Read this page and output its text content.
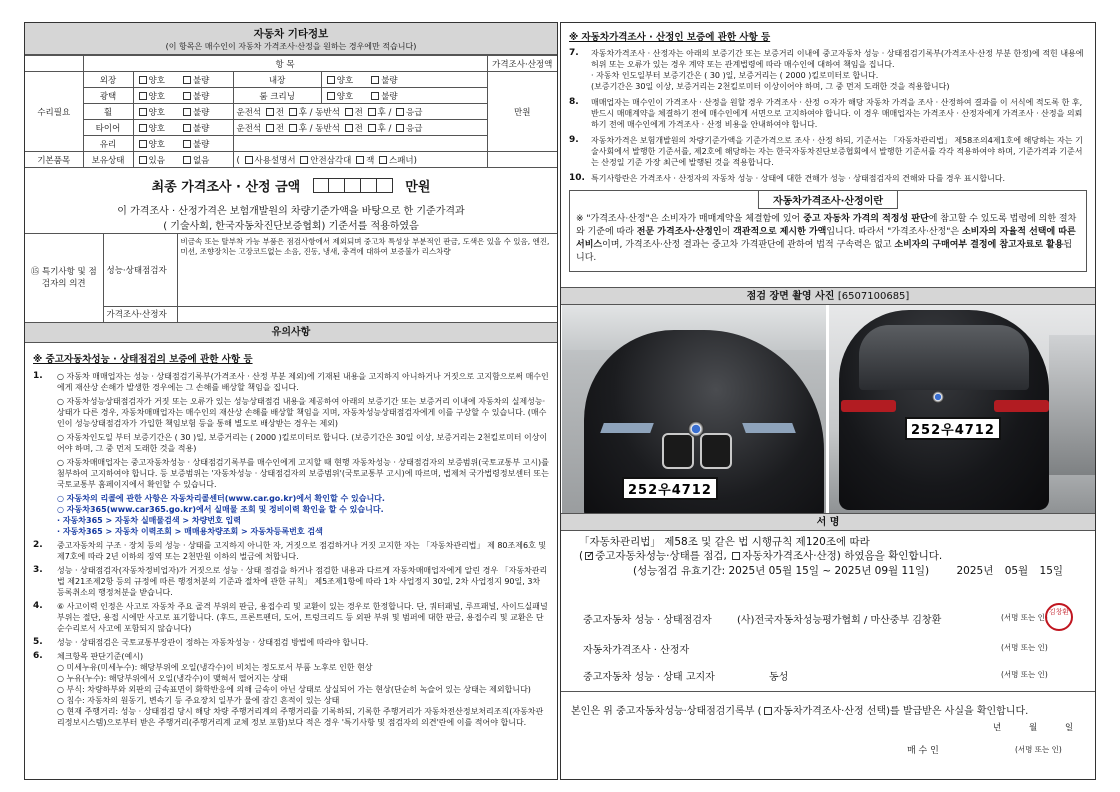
자동차 기타정보
(이 항목은 매수인이 자동차 가격조사·산정을 원하는 경우에만 적습니다)
	항 목				가격조사·산정액
수리필요	외장	양호 불량	내장	양호 불량	만원
	광택	양호 불량	룸 크리닝	양호 불량	
	휠	양호 불량	운전석 전 후 / 동반석 전 후 / 응급		
	타이어	양호 불량	운전석 전 후 / 동반석 전 후 / 응급		
	유리	양호 불량			
기본품목	보유상태	있음 없음	( 사용설명서 안전삼각대 잭 스패너)		
최종 가격조사 · 산정 금액	만원
이 가격조사 · 산정가격은 보험개발원의 차량기준가액을 바탕으로 한 기준가격과
( 기술사회, 한국자동차진단보증협회) 기준서를 적용하였음
⑮ 특기사항 및 점검자의 의견	성능·상태점검자	비금속 또는 탈부착 가능 부품은 점검사항에서 제외되며 중고차 특성상 부분적인 판금, 도색은 있을 수 있음, 엔진,미션, 조향장치는 고장코드없는 소음, 진동, 냉새, 충격에 대하여 보증불가 리스차량
	가격조사·산정자	
유의사항
※ 중고자동차성능 · 상태점검의 보증에 관한 사항 등
1.	○ 자동차 매매업자는 성능 · 상태점검기록부(가격조사 · 산정 부분 제외)에 기재된 내용을 고지하지 아니하거나 거짓으로 고지함으로써 매수인에게 재산상 손해가 발생한 경우에는 그 손해를 배상할 책임을 집니다.
○ 자동차성능상태점검자가 거짓 또는 오류가 있는 성능상태점검 내용을 제공하여 아래의 보증기간 또는 보증거리 이내에 자동차의 실제성능·상태가 다른 경우, 자동차매매업자는 매수인의 재산상 손해를 배상할 책임을 지며, 자동차성능상태점검자에게 이를 구상할 수 있습니다. (매수인이 성능상태점검자가 가입한 책임보험 등을 통해 별도로 배상받는 경우는 제외)
○ 자동차인도일 부터 보증기간은 ( 30 )일, 보증거리는 ( 2000 )킬로미터로 합니다. (보증기간은 30일 이상, 보증거리는 2천킬로미터 이상이어야 하며, 그 중 먼저 도래한 것을 적용)
○ 자동차매매업자는 중고자동차성능 · 상태점검기록부를 매수인에게 고지할 때 현행 자동차성능 · 상태점검자의 보증범위(국토교통부 고시)를 첨부하여 고지하여야 합니다. 등 보증범위는 '자동차성능 · 상태점검자의 보증범위'(국토교통부 고시)에 따르며, 법제처 국가법령정보센터 또는 국토교통부 홈페이지에서 확인할 수 있습니다.
○ 자동차의 리콜에 관한 사항은 자동차리콜센터(www.car.go.kr)에서 확인할 수 있습니다.
○ 자동차365(www.car365.go.kr)에서 실매물 조회 및 정비이력 확인을 할 수 있습니다.
· 자동차365 > 자동차 실매물검색 > 차량번호 입력
· 자동차365 > 자동차 이력조회 > 매매용차량조회 > 자동차등록번호 검색
2.	중고자동차의 구조 · 장치 등의 성능 · 상태를 고지하지 아니한 자, 거짓으로 점검하거나 거짓 고지한 자는 「자동차관리법」 제 80조제6호 및 제7호에 따라 2년 이하의 징역 또는 2천만원 이하의 벌금에 처합니다.
3.	성능 · 상태점검자(자동차정비업자)가 거짓으로 성능 · 상태 점검을 하거나 점검한 내용과 다르게 자동차매매업자에게 알린 경우 「자동차관리법 제21조제2항 등의 규정에 따른 행정처분의 기준과 절차에 관한 규칙」 제5조제1항에 따라 1차 사업정지 30일, 2차 사업정지 90일, 3차 등록취소의 행정처분을 받습니다.
4.	⑥ 사고이력 인정은 사고로 자동차 주요 골격 부위의 판금, 용접수리 및 교환이 있는 경우로 한정합니다. 단, 쿼터패널, 루프패널, 사이드실패널 부위는 절단, 용접 시에만 사고로 표기합니다. (후드, 프론트펜더, 도어, 트렁크리드 등 외판 부위 및 범퍼에 대한 판금, 용접수리 및 교환은 단순수리로서 사고에 포함되지 않습니다)
5.	성능 · 상태점검은 국토교통부장관이 정하는 자동차성능 · 상태점검 방법에 따라야 합니다.
6.	체크항목 판단기준(예시)
○ 미세누유(미세누수): 해당부위에 오일(냉각수)이 비치는 정도로서 부품 노후로 인한 현상
○ 누유(누수): 해당부위에서 오일(냉각수)이 맺혀서 떨어지는 상태
○ 부식: 차량하부와 외판의 금속표면이 화학반응에 의해 금속이 아닌 상태로 상실되어 가는 현상(단순히 녹슬어 있는 상태는 제외합니다)
○ 침수: 자동차의 원동기, 변속기 등 주요장치 일부가 물에 잠긴 흔적이 있는 상태
○ 현재 주행거리: 성능 · 상태점검 당시 해당 차량 주행거리계의 주행거리를 기록하되, 기록한 주행거리가 자동차전산정보처리조직(자동차관리정보시스템)으로부터 받은 주행거리(주행거리계 교체 정보 포함)보다 적은 경우 '특기사항 및 점검자의 의견'란에 이를 적어야 합니다.
※ 자동차가격조사 · 산정인 보증에 관한 사항 등
7.	자동차가격조사 · 산정자는 아래의 보증기간 또는 보증거리 이내에 중고자동차 성능 · 상태점검기록부(가격조사·산정 부분 한정)에 적힌 내용에 허위 또는 오류가 있는 경우 계약 또는 관계법령에 따라 매수인에 대하여 책임을 집니다.
· 자동차 인도일부터 보증기간은 ( 30 )일, 보증거리는 ( 2000 )킬로미터로 합니다.
(보증기간은 30일 이상, 보증거리는 2천킬로미터 이상이어야 하며, 그 중 먼저 도래한 것을 적용합니다)
8.	매매업자는 매수인이 가격조사 · 산정을 원할 경우 가격조사 · 산정 ㅇ자가 해당 자동차 가격을 조사 · 산정하여 결과를 이 서식에 적도록 한 후, 반드시 매매계약을 체결하기 전에 매수인에게 서면으로 고지하여야 합니다. 이 경우 매매업자는 가격조사 · 산정자에게 가격조사 · 산정을 의뢰하기 전에 매수인에게 가격조사 · 산정 비용을 안내하여야 합니다.
9.	자동차가격은 보험개발원의 차량기준가액을 기준가격으로 조사 · 산정 하되, 기준서는 「자동차관리법」 제58조의4제1호에 해당하는 자는 기술사회에서 발행한 기준서를, 제2호에 해당하는 자는 한국자동차진단보증협회에서 발행한 기준서를 각각 적용하여야 하며, 기준가격과 기준서는 산정일 기준 가장 최근에 발행된 것을 적용합니다.
10. 특기사항란은 가격조사 · 산정자의 자동차 성능 · 상태에 대한 견해가 성능 · 상태점검자의 견해와 다를 경우 표시합니다.
자동차가격조사·산정이란
※ "가격조사·산정"은 소비자가 매매계약을 체결함에 있어 중고 자동차 가격의 적정성 판단에 참고할 수 있도록 법령에 의한 절차와 기준에 따라 전문 가격조사·산정인이 객관적으로 제시한 가액입니다. 따라서 "가격조사·산정"은 소비자의 자율적 선택에 따른 서비스이며, 가격조사·산정 결과는 중고차 가격판단에 관하여 법적 구속력은 없고 소비자의 구매여부 결정에 참고자료로 활용됩니다.
점검 장면 촬영 사진 [6507100685]
252우4712
252우4712
서 명
「자동차관리법」 제58조 및 같은 법 시행규칙 제120조에 따라
( ✓ 중고자동차성능·상태를 점검, 자동차가격조사·산정) 하였음을 확인합니다.
(성능점검 유효기간: 2025년 05월 15일 ~ 2025년 09월 11일)	2025년 05월 15일
중고자동차 성능 · 상태점검자	(사)전국자동차성능평가협회 / 마산중부 김창환	(서명 또는 인)
김창환
자동차가격조사 · 산정자	(서명 또는 인)
중고자동차 성능 · 상태 고지자	동성	(서명 또는 인)
본인은 위 중고자동차성능·상태점검기록부 ( 자동차가격조사·산정 선택)를 발급받은 사실을 확인합니다.
년	월	일
매 수 인	(서명 또는 인)
